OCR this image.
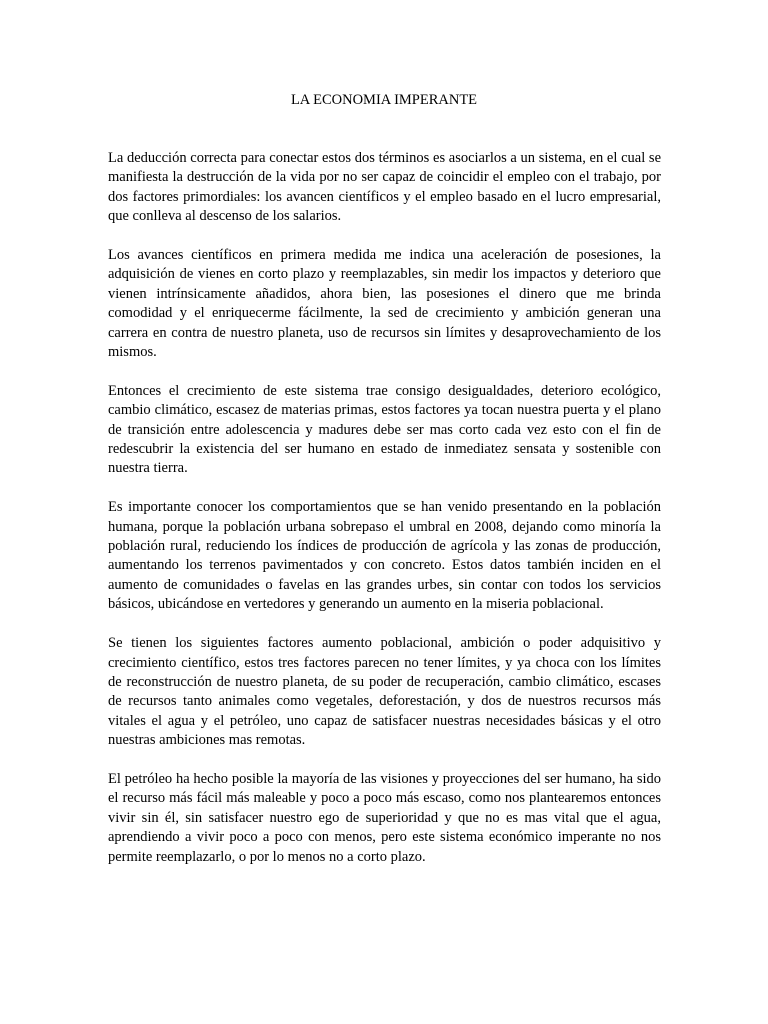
LA ECONOMIA IMPERANTE

La deducción correcta para conectar estos dos términos es asociarlos a un sistema, en el cual se manifiesta la destrucción de la vida por no ser capaz de coincidir el empleo con el trabajo, por dos factores primordiales: los avancen científicos y el empleo basado en el lucro empresarial, que conlleva al descenso de los salarios.

Los avances científicos en primera medida me indica una aceleración de posesiones, la adquisición de vienes en corto plazo y reemplazables, sin medir los impactos y deterioro que vienen intrínsicamente añadidos, ahora bien, las posesiones el dinero que me brinda comodidad y el enriquecerme fácilmente, la sed de crecimiento y ambición generan una carrera en contra de nuestro planeta, uso de recursos sin límites y desaprovechamiento de los mismos.

Entonces el crecimiento de este sistema trae consigo desigualdades, deterioro ecológico, cambio climático, escasez de materias primas, estos factores ya tocan nuestra puerta y el plano de transición entre adolescencia y madures debe ser mas corto cada vez esto con el fin de redescubrir la existencia del ser humano en estado de inmediatez sensata y sostenible con nuestra tierra.

Es importante conocer los comportamientos que se han venido presentando en la población humana, porque la población urbana sobrepaso el umbral en 2008, dejando como minoría la población rural, reduciendo los índices de producción de agrícola y las zonas de producción, aumentando los terrenos pavimentados y con concreto. Estos datos también inciden en el aumento de comunidades o favelas en las grandes urbes, sin contar con todos los servicios básicos, ubicándose en vertedores y generando un aumento en la miseria poblacional.

Se tienen los siguientes factores aumento poblacional, ambición o poder adquisitivo y crecimiento científico, estos tres factores parecen no tener límites, y ya choca con los límites de reconstrucción de nuestro planeta, de su poder de recuperación, cambio climático, escases de recursos tanto animales como vegetales, deforestación, y dos de nuestros recursos más vitales el agua y el petróleo, uno capaz de satisfacer nuestras necesidades básicas y el otro nuestras ambiciones mas remotas.

El petróleo ha hecho posible la mayoría de las visiones y proyecciones del ser humano, ha sido el recurso más fácil más maleable y poco a poco más escaso, como nos plantearemos entonces vivir sin él, sin satisfacer nuestro ego de superioridad y que no es mas vital que el agua, aprendiendo a vivir poco a poco con menos, pero este sistema económico imperante no nos permite reemplazarlo, o por lo menos no a corto plazo.
